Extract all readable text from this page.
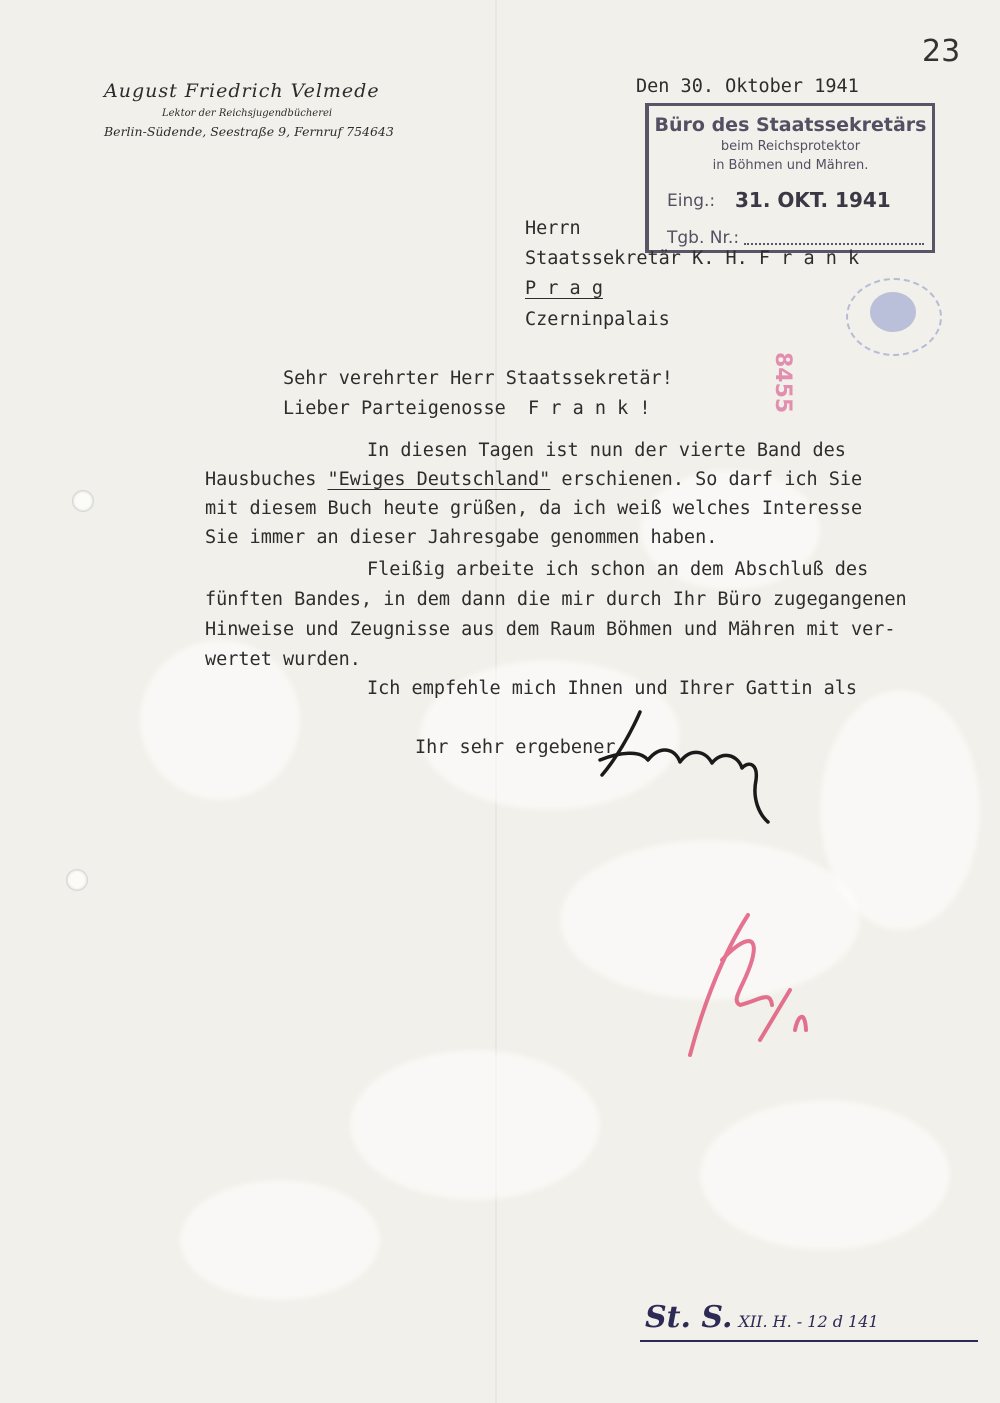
August Friedrich Velmede
Lektor der Reichsjugendbücherei
Berlin-Südende, Seestraße 9, Fernruf 754643
23
Den 30. Oktober 1941
Büro des Staatssekretärs
beim Reichsprotektor
in Böhmen und Mähren.
Eing.: 31. OKT. 1941
Tgb. Nr.:
Herrn
Staatssekretär K. H. F r a n k
P r a g
Czerninpalais
8455
Sehr verehrter Herr Staatssekretär!
Lieber Parteigenosse  F r a n k !
In diesen Tagen ist nun der vierte Band des
Hausbuches "Ewiges Deutschland" erschienen. So darf ich Sie
mit diesem Buch heute grüßen, da ich weiß welches Interesse
Sie immer an dieser Jahresgabe genommen haben.
Fleißig arbeite ich schon an dem Abschluß des
fünften Bandes, in dem dann die mir durch Ihr Büro zugegangenen
Hinweise und Zeugnisse aus dem Raum Böhmen und Mähren mit ver-
wertet wurden.
Ich empfehle mich Ihnen und Ihrer Gattin als
Ihr sehr ergebener
St. S. XII. H. - 12 d 141
